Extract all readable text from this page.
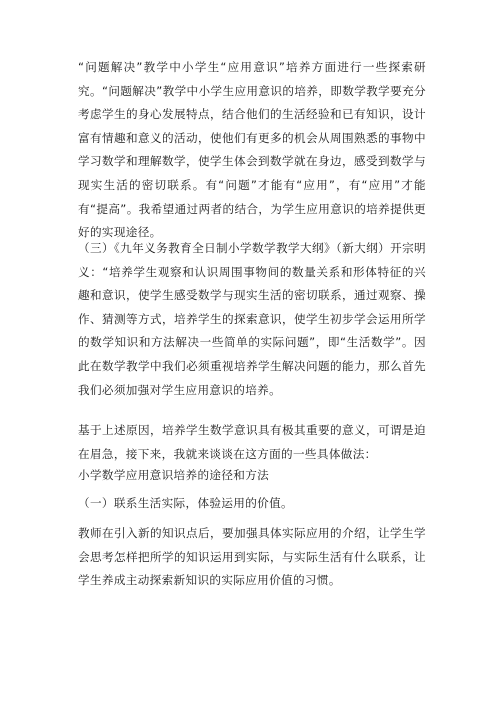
“问题解决”教学中小学生“应用意识”培养方面进行一些探索研究。“问题解决”教学中小学生应用意识的培养，即数学教学要充分考虑学生的身心发展特点，结合他们的生活经验和已有知识，设计富有情趣和意义的活动，使他们有更多的机会从周围熟悉的事物中学习数学和理解数学，使学生体会到数学就在身边，感受到数学与现实生活的密切联系。有“问题”才能有“应用”，有“应用”才能有“提高”。我希望通过两者的结合，为学生应用意识的培养提供更好的实现途径。

（三）《九年义务教育全日制小学数学教学大纲》（新大纲）开宗明义：“培养学生观察和认识周围事物间的数量关系和形体特征的兴趣和意识，使学生感受数学与现实生活的密切联系，通过观察、操作、猜测等方式，培养学生的探索意识，使学生初步学会运用所学的数学知识和方法解决一些简单的实际问题”，即“生活数学”。因此在数学教学中我们必须重视培养学生解决问题的能力，那么首先我们必须加强对学生应用意识的培养。

基于上述原因，培养学生数学意识具有极其重要的意义，可谓是迫在眉急，接下来，我就来谈谈在这方面的一些具体做法：

小学数学应用意识培养的途径和方法

（一）联系生活实际，体验运用的价值。

教师在引入新的知识点后，要加强具体实际应用的介绍，让学生学会思考怎样把所学的知识运用到实际，与实际生活有什么联系，让学生养成主动探索新知识的实际应用价值的习惯。
